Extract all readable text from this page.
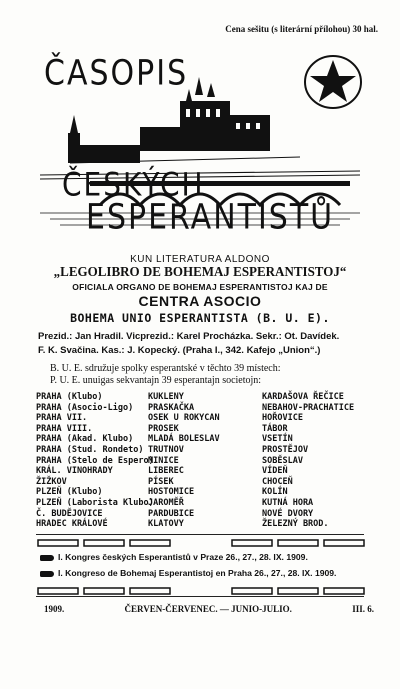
Cena sešitu (s literární přílohou) 30 hal.
ČASOPIS
ČESKÝCH
ESPERANTISTŮ
KUN LITERATURA ALDONO
„LEGOLIBRO DE BOHEMAJ ESPERANTISTOJ“
OFICIALA ORGANO DE BOHEMAJ ESPERANTISTOJ KAJ DE
CENTRA ASOCIO
BOHEMA UNIO ESPERANTISTA (B. U. E).
Prezid.: Jan Hradil. Vicprezid.: Karel Procházka. Sekr.: Ot. Davídek.
F. K. Svačina. Kas.: J. Kopecký. (Praha I., 342. Kafejo „Union“.)
B. U. E. sdružuje spolky esperantské v těchto 39 místech:
P. U. E. unuigas sekvantajn 39 esperantajn societojn:
PRAHA (Klubo)
PRAHA (Asocio-Ligo)
PRAHA VII.
PRAHA VIII.
PRAHA (Akad. Klubo)
PRAHA (Stud. Rondeto)
PRAHA (Stelo de Espero)
KRÁL. VINOHRADY
ŽIŽKOV
PLZEŇ (Klubo)
PLZEŇ (Laborista Klubo)
Č. BUDĚJOVICE
HRADEC KRÁLOVÉ
KUKLENY
PRASKAČKA
OSEK U ROKYCAN
PROSEK
MLADÁ BOLESLAV
TRUTNOV
MINICE
LIBEREC
PÍSEK
HOSTOMICE
JAROMĚŘ
PARDUBICE
KLATOVY
KARDAŠOVA ŘEČICE
NEBAHOV-PRACHATICE
HOŘOVICE
TÁBOR
VSETÍN
PROSTĚJOV
SOBĚSLAV
VÍDEŇ
CHOCEŇ
KOLÍN
KUTNÁ HORA
NOVÉ DVORY
ŽELEZNÝ BROD.
I. Kongres českých Esperantistů v Praze 26., 27., 28. IX. 1909.
I. Kongreso de Bohemaj Esperantistoj en Praha 26., 27., 28. IX. 1909.
1909.	ČERVEN-ČERVENEC. — JUNIO-JULIO.	III. 6.
